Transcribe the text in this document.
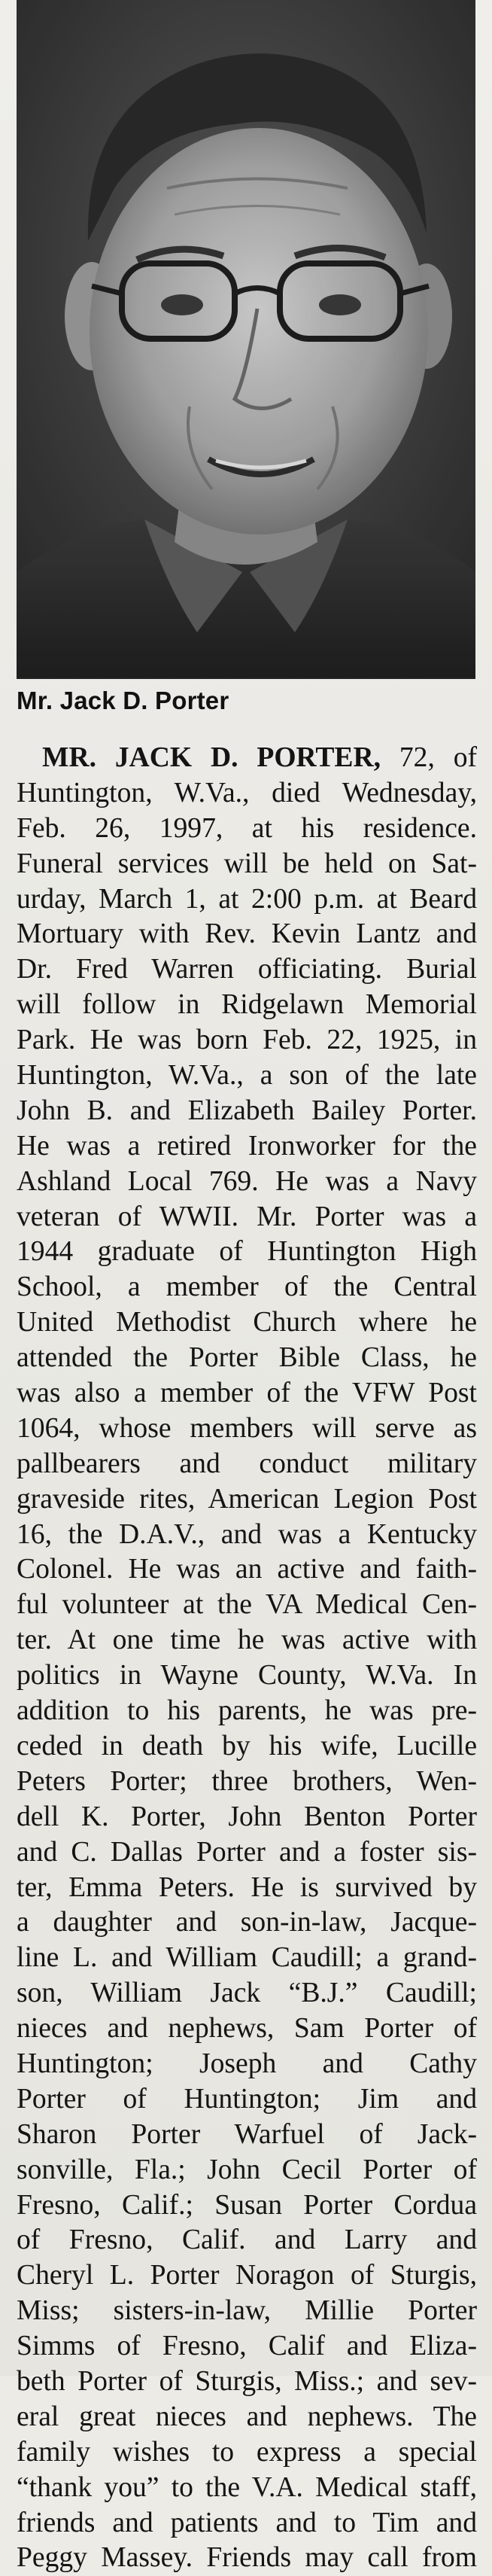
Mr. Jack D. Porter
MR. JACK D. PORTER, 72, of
Huntington, W.Va., died Wednesday,
Feb. 26, 1997, at his residence.
Funeral services will be held on Sat-
urday, March 1, at 2:00 p.m. at Beard
Mortuary with Rev. Kevin Lantz and
Dr. Fred Warren officiating. Burial
will follow in Ridgelawn Memorial
Park. He was born Feb. 22, 1925, in
Huntington, W.Va., a son of the late
John B. and Elizabeth Bailey Porter.
He was a retired Ironworker for the
Ashland Local 769. He was a Navy
veteran of WWII. Mr. Porter was a
1944 graduate of Huntington High
School, a member of the Central
United Methodist Church where he
attended the Porter Bible Class, he
was also a member of the VFW Post
1064, whose members will serve as
pallbearers and conduct military
graveside rites, American Legion Post
16, the D.A.V., and was a Kentucky
Colonel. He was an active and faith-
ful volunteer at the VA Medical Cen-
ter. At one time he was active with
politics in Wayne County, W.Va. In
addition to his parents, he was pre-
ceded in death by his wife, Lucille
Peters Porter; three brothers, Wen-
dell K. Porter, John Benton Porter
and C. Dallas Porter and a foster sis-
ter, Emma Peters. He is survived by
a daughter and son-in-law, Jacque-
line L. and William Caudill; a grand-
son, William Jack “B.J.” Caudill;
nieces and nephews, Sam Porter of
Huntington; Joseph and Cathy
Porter of Huntington; Jim and
Sharon Porter Warfuel of Jack-
sonville, Fla.; John Cecil Porter of
Fresno, Calif.; Susan Porter Cordua
of Fresno, Calif. and Larry and
Cheryl L. Porter Noragon of Sturgis,
Miss; sisters-in-law, Millie Porter
Simms of Fresno, Calif and Eliza-
beth Porter of Sturgis, Miss.; and sev-
eral great nieces and nephews. The
family wishes to express a special
“thank you” to the V.A. Medical staff,
friends and patients and to Tim and
Peggy Massey. Friends may call from
